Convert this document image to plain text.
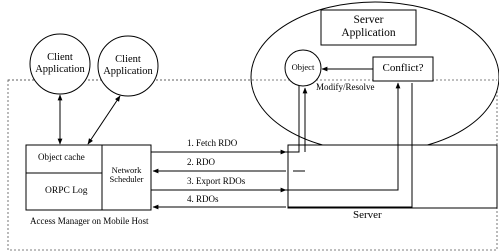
Client
Application
Client
Application
Server
Application
Object	Conflict?
Modify/Resolve
Object cache
ORPC Log
Network
Scheduler
1. Fetch RDO
2. RDO
3. Export RDOs
4. RDOs
Access Manager on Mobile Host	Server
